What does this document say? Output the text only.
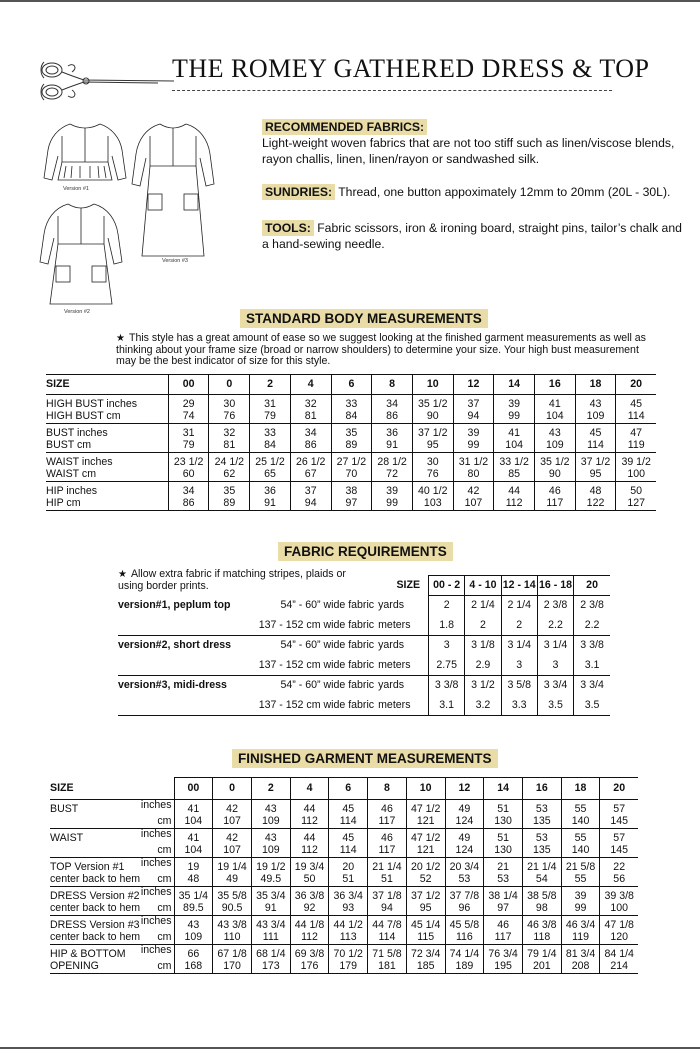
THE ROMEY GATHERED DRESS & TOP
Version #1
Version #3
Version #2
RECOMMENDED FABRICS:
Light-weight woven fabrics that are not too stiff such as linen/viscose blends, rayon challis, linen, linen/rayon or sandwashed silk.
SUNDRIES: Thread, one button appoximately 12mm to 20mm (20L - 30L).
TOOLS: Fabric scissors, iron & ironing board, straight pins, tailor’s chalk and a hand-sewing needle.
STANDARD BODY MEASUREMENTS
★ This style has a great amount of ease so we suggest looking at the finished garment measurements as well as thinking about your frame size (broad or narrow shoulders) to determine your size. Your high bust measurement may be the best indicator of size for this style.
SIZE	00	0	2	4	6	8	10	12	14	16	18	20
HIGH BUST inches	29	30	31	32	33	34	35 1/2	37	39	41	43	45
HIGH BUST cm	74	76	79	81	84	86	90	94	99	104	109	114
BUST inches	31	32	33	34	35	36	37 1/2	39	41	43	45	47
BUST cm	79	81	84	86	89	91	95	99	104	109	114	119
WAIST inches	23 1/2	24 1/2	25 1/2	26 1/2	27 1/2	28 1/2	30	31 1/2	33 1/2	35 1/2	37 1/2	39 1/2
WAIST cm	60	62	65	67	70	72	76	80	85	90	95	100
HIP inches	34	35	36	37	38	39	40 1/2	42	44	46	48	50
HIP cm	86	89	91	94	97	99	103	107	112	117	122	127
FABRIC REQUIREMENTS
★ Allow extra fabric if matching stripes, plaids or using border prints.
		SIZE	00 - 2	4 - 10	12 - 14	16 - 18	20
version#1, peplum top	54” - 60” wide fabric	yards	2	2 1/4	2 1/4	2 3/8	2 3/8
	137 - 152 cm wide fabric	meters	1.8	2	2	2.2	2.2
version#2, short dress	54” - 60” wide fabric	yards	3	3 1/8	3 1/4	3 1/4	3 3/8
	137 - 152 cm wide fabric	meters	2.75	2.9	3	3	3.1
version#3, midi-dress	54” - 60” wide fabric	yards	3 3/8	3 1/2	3 5/8	3 3/4	3 3/4
	137 - 152 cm wide fabric	meters	3.1	3.2	3.3	3.5	3.5
FINISHED GARMENT MEASUREMENTS
SIZE	00	0	2	4	6	8	10	12	14	16	18	20
BUST inches	41	42	43	44	45	46	47 1/2	49	51	53	55	57

cm	104	107	109	112	114	117	121	124	130	135	140	145
WAIST inches	41	42	43	44	45	46	47 1/2	49	51	53	55	57

cm	104	107	109	112	114	117	121	124	130	135	140	145
TOP Version #1 inches	19	19 1/4	19 1/2	19 3/4	20	21 1/4	20 1/2	20 3/4	21	21 1/4	21 5/8	22
center back to hem cm	48	49	49.5	50	51	51	52	53	53	54	55	56
DRESS Version #2 inches	35 1/4	35 5/8	35 3/4	36 3/8	36 3/4	37 1/8	37 1/2	37 7/8	38 1/4	38 5/8	39	39 3/8
center back to hem cm	89.5	90.5	91	92	93	94	95	96	97	98	99	100
DRESS Version #3 inches	43	43 3/8	43 3/4	44 1/8	44 1/2	44 7/8	45 1/4	45 5/8	46	46 3/8	46 3/4	47 1/8
center back to hem cm	109	110	111	112	113	114	115	116	117	118	119	120
HIP & BOTTOM inches	66	67 1/8	68 1/4	69 3/8	70 1/2	71 5/8	72 3/4	74 1/4	76 3/4	79 1/4	81 3/4	84 1/4
OPENING cm	168	170	173	176	179	181	185	189	195	201	208	214
